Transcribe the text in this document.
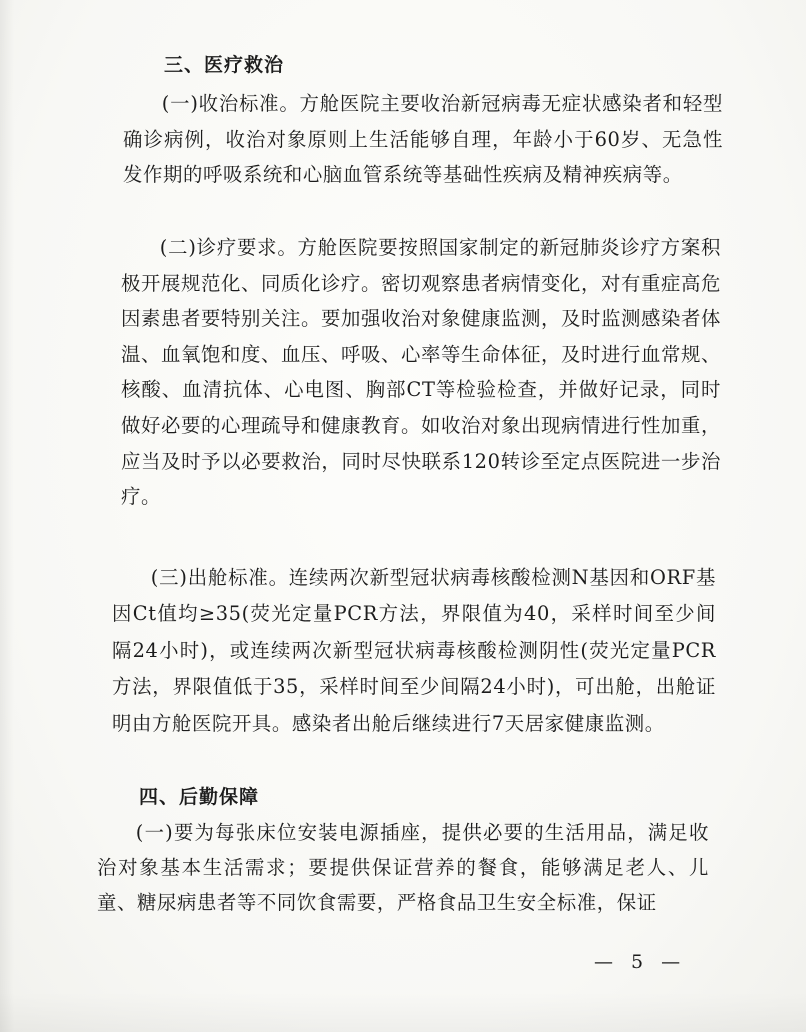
三、医疗救治

(一)收治标准。方舱医院主要收治新冠病毒无症状感染者和轻型确诊病例，收治对象原则上生活能够自理，年龄小于60岁、无急性发作期的呼吸系统和心脑血管系统等基础性疾病及精神疾病等。

(二)诊疗要求。方舱医院要按照国家制定的新冠肺炎诊疗方案积极开展规范化、同质化诊疗。密切观察患者病情变化，对有重症高危因素患者要特别关注。要加强收治对象健康监测，及时监测感染者体温、血氧饱和度、血压、呼吸、心率等生命体征，及时进行血常规、核酸、血清抗体、心电图、胸部CT等检验检查，并做好记录，同时做好必要的心理疏导和健康教育。如收治对象出现病情进行性加重，应当及时予以必要救治，同时尽快联系120转诊至定点医院进一步治疗。

(三)出舱标准。连续两次新型冠状病毒核酸检测N基因和ORF基因Ct值均≥35(荧光定量PCR方法，界限值为40，采样时间至少间隔24小时)，或连续两次新型冠状病毒核酸检测阴性(荧光定量PCR方法，界限值低于35，采样时间至少间隔24小时)，可出舱，出舱证明由方舱医院开具。感染者出舱后继续进行7天居家健康监测。

四、后勤保障

(一)要为每张床位安装电源插座，提供必要的生活用品，满足收治对象基本生活需求；要提供保证营养的餐食，能够满足老人、儿童、糖尿病患者等不同饮食需要，严格食品卫生安全标准，保证

— 5 —
